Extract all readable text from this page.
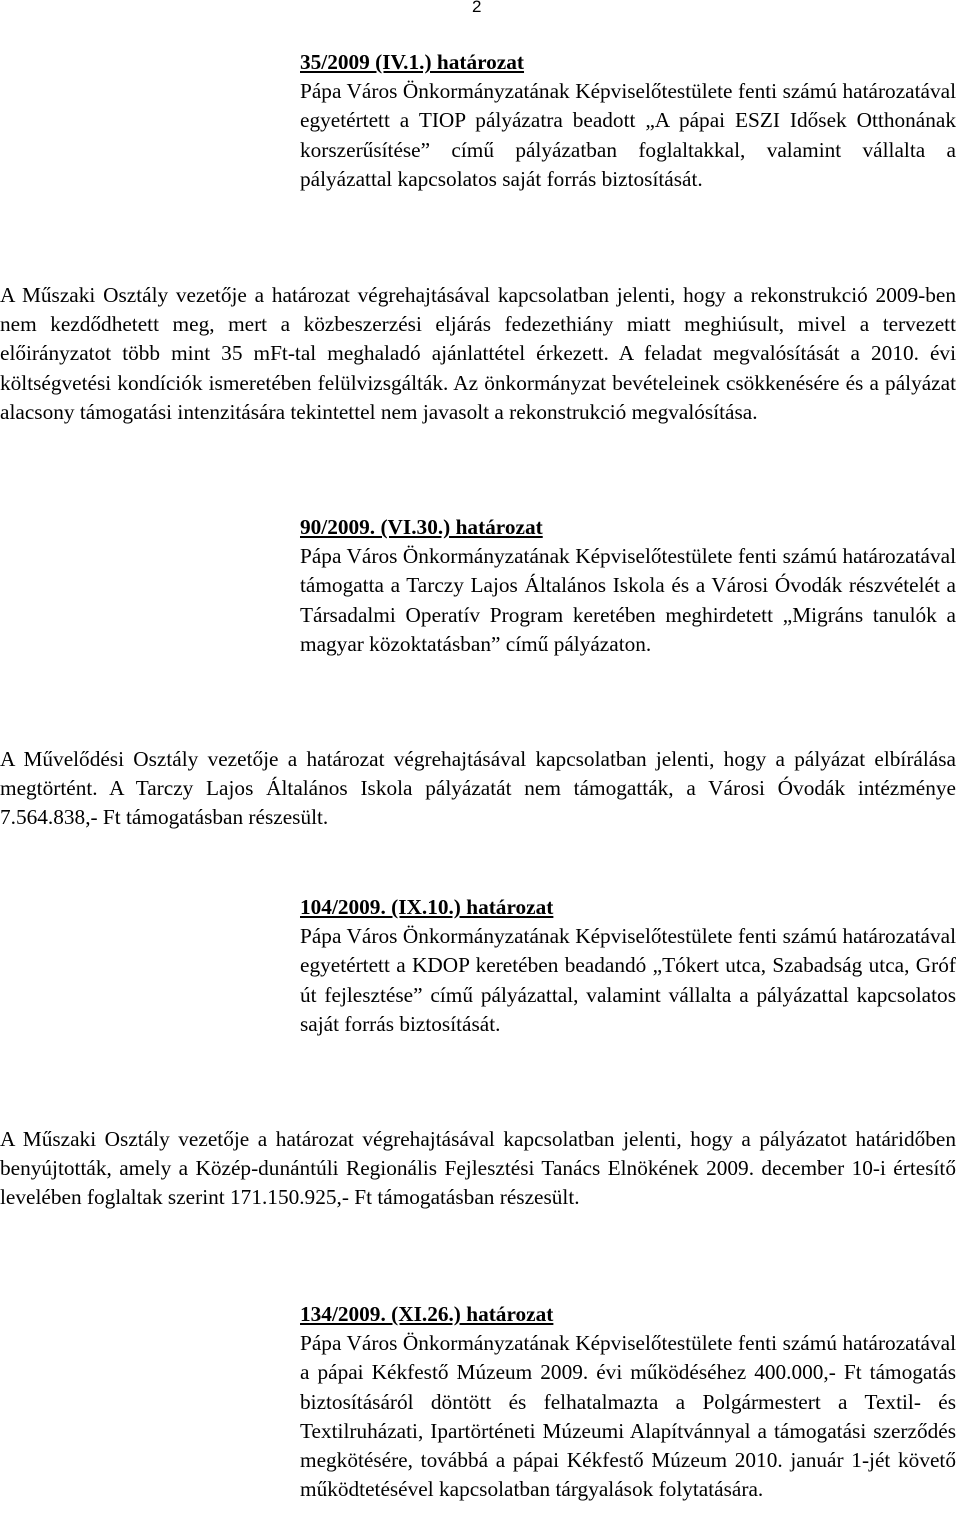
2
35/2009 (IV.1.) határozat
Pápa Város Önkormányzatának Képviselőtestülete fenti számú határozatával egyetértett a TIOP pályázatra beadott „A pápai ESZI Idősek Otthonának korszerűsítése” című pályázatban foglaltakkal, valamint vállalta a pályázattal kapcsolatos saját forrás biztosítását.
A Műszaki Osztály vezetője a határozat végrehajtásával kapcsolatban jelenti, hogy a rekonstrukció 2009-ben nem kezdődhetett meg, mert a közbeszerzési eljárás fedezethiány miatt meghiúsult, mivel a tervezett előirányzatot több mint 35 mFt-tal meghaladó ajánlattétel érkezett. A feladat megvalósítását a 2010. évi költségvetési kondíciók ismeretében felülvizsgálták. Az önkormányzat bevételeinek csökkenésére és a pályázat alacsony támogatási intenzitására tekintettel nem javasolt a rekonstrukció megvalósítása.
90/2009. (VI.30.) határozat
Pápa Város Önkormányzatának Képviselőtestülete fenti számú határozatával támogatta a Tarczy Lajos Általános Iskola és a Városi Óvodák részvételét a Társadalmi Operatív Program keretében meghirdetett „Migráns tanulók a magyar közoktatásban” című pályázaton.
A Művelődési Osztály vezetője a határozat végrehajtásával kapcsolatban jelenti, hogy a pályázat elbírálása megtörtént. A Tarczy Lajos Általános Iskola pályázatát nem támogatták, a Városi Óvodák intézménye 7.564.838,- Ft támogatásban részesült.
104/2009. (IX.10.) határozat
Pápa Város Önkormányzatának Képviselőtestülete fenti számú határozatával egyetértett a KDOP keretében beadandó „Tókert utca, Szabadság utca, Gróf út fejlesztése” című pályázattal, valamint vállalta a pályázattal kapcsolatos saját forrás biztosítását.
A Műszaki Osztály vezetője a határozat végrehajtásával kapcsolatban jelenti, hogy a pályázatot határidőben benyújtották, amely a Közép-dunántúli Regionális Fejlesztési Tanács Elnökének 2009. december 10-i értesítő levelében foglaltak szerint 171.150.925,- Ft támogatásban részesült.
134/2009. (XI.26.) határozat
Pápa Város Önkormányzatának Képviselőtestülete fenti számú határozatával a pápai Kékfestő Múzeum 2009. évi működéséhez 400.000,- Ft támogatás biztosításáról döntött és felhatalmazta a Polgármestert a Textil- és Textilruházati, Ipartörténeti Múzeumi Alapítvánnyal a támogatási szerződés megkötésére, továbbá a pápai Kékfestő Múzeum 2010. január 1-jét követő működtetésével kapcsolatban tárgyalások folytatására.
